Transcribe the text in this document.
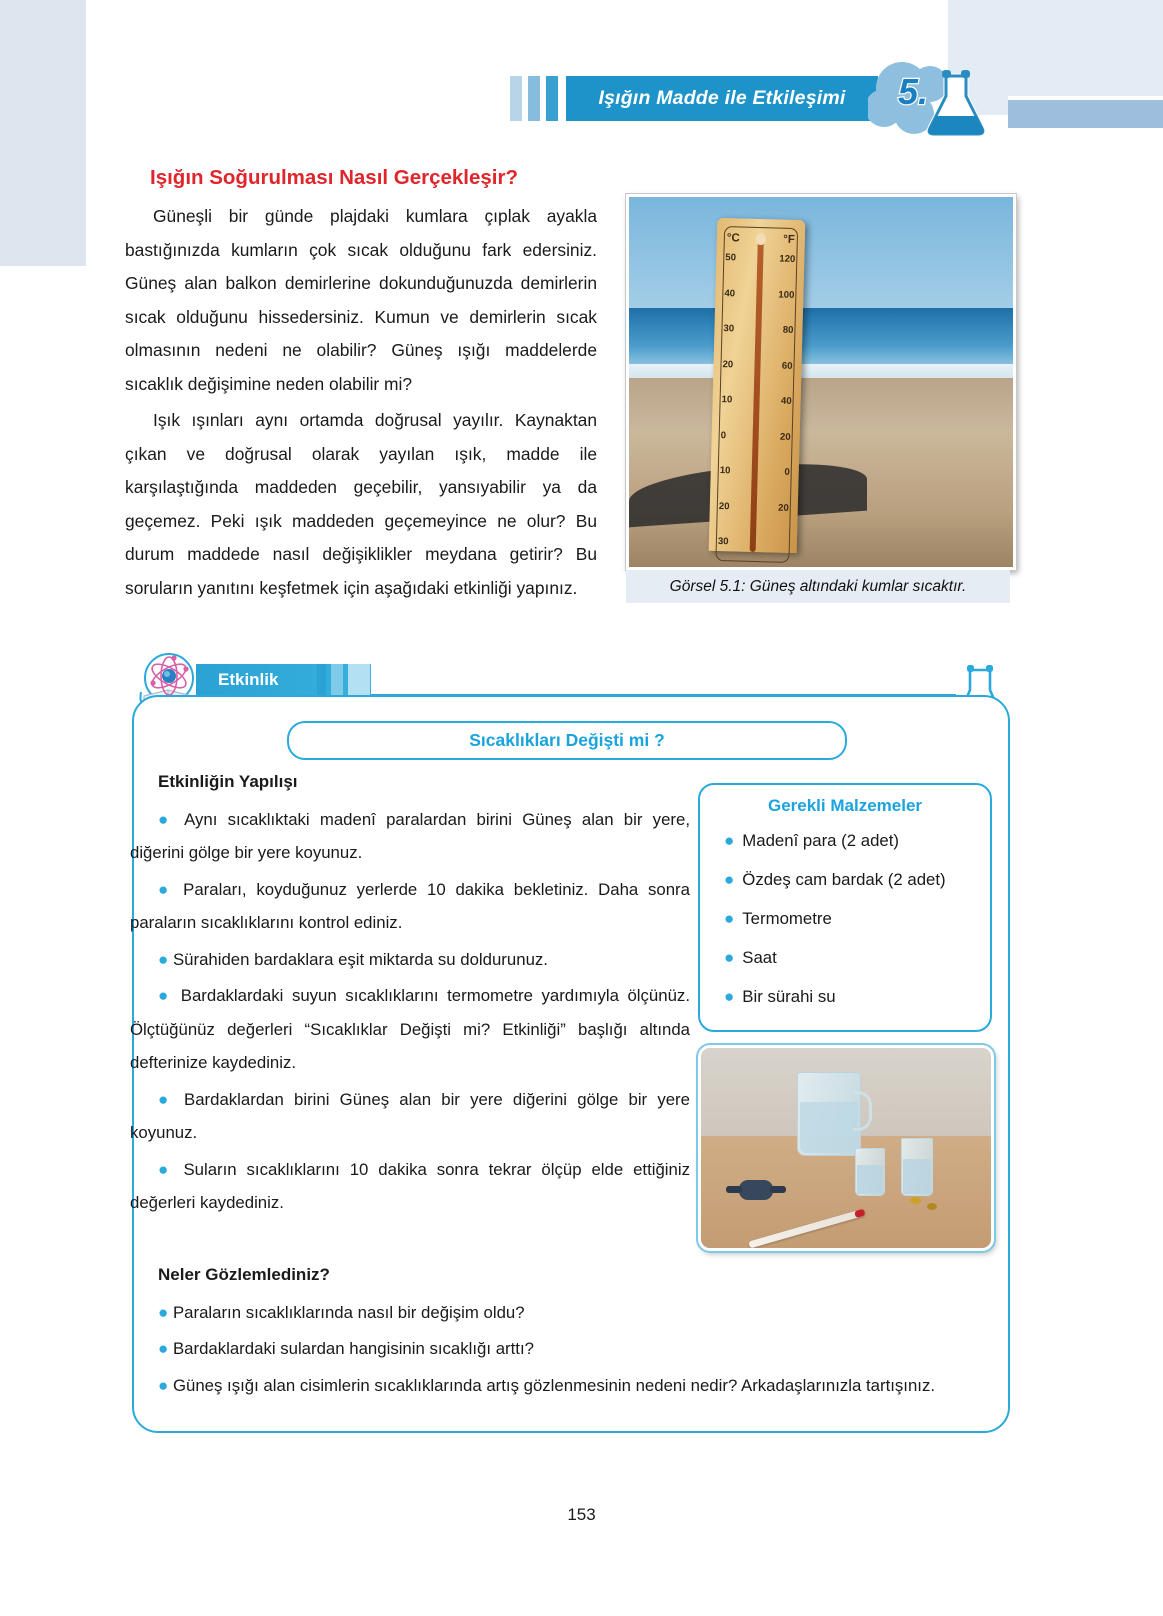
Işığın Madde ile Etkileşimi 5.
Işığın Soğurulması Nasıl Gerçekleşir?

Güneşli bir günde plajdaki kumlara çıplak ayakla bastığınızda kumların çok sıcak olduğunu fark edersiniz. Güneş alan balkon demirlerine dokunduğunuzda demirlerin sıcak olduğunu hissedersiniz. Kumun ve demirlerin sıcak olmasının nedeni ne olabilir? Güneş ışığı maddelerde sıcaklık değişimine neden olabilir mi?

Işık ışınları aynı ortamda doğrusal yayılır. Kaynaktan çıkan ve doğrusal olarak yayılan ışık, madde ile karşılaştığında maddeden geçebilir, yansıyabilir ya da geçemez. Peki ışık maddeden geçemeyince ne olur? Bu durum maddede nasıl değişiklikler meydana getirir? Bu soruların yanıtını keşfetmek için aşağıdaki etkinliği yapınız.

°C	°F
50
40
30
20
10
0
10
20
30
120
100
80
60
40
20
0
20
Görsel 5.1: Güneş altındaki kumlar sıcaktır.
Etkinlik
Sıcaklıkları Değişti mi ?
Etkinliğin Yapılışı

● Aynı sıcaklıktaki madenî paralardan birini Güneş alan bir yere, diğerini gölge bir yere koyunuz.

● Paraları, koyduğunuz yerlerde 10 dakika bekletiniz. Daha sonra paraların sıcaklıklarını kontrol ediniz.

● Sürahiden bardaklara eşit miktarda su doldurunuz.

● Bardaklardaki suyun sıcaklıklarını termometre yardımıyla ölçünüz. Ölçtüğünüz değerleri “Sıcaklıklar Değişti mi? Etkinliği” başlığı altında defterinize kaydediniz.

● Bardaklardan birini Güneş alan bir yere diğerini gölge bir yere koyunuz.

● Suların sıcaklıklarını 10 dakika sonra tekrar ölçüp elde ettiğiniz değerleri kaydediniz.

Gerekli Malzemeler
● Madenî para (2 adet)
● Özdeş cam bardak (2 adet)
● Termometre
● Saat
● Bir sürahi su
Neler Gözlemlediniz?

● Paraların sıcaklıklarında nasıl bir değişim oldu?

● Bardaklardaki sulardan hangisinin sıcaklığı arttı?

● Güneş ışığı alan cisimlerin sıcaklıklarında artış gözlenmesinin nedeni nedir? Arkadaşlarınızla tartışınız.

153
